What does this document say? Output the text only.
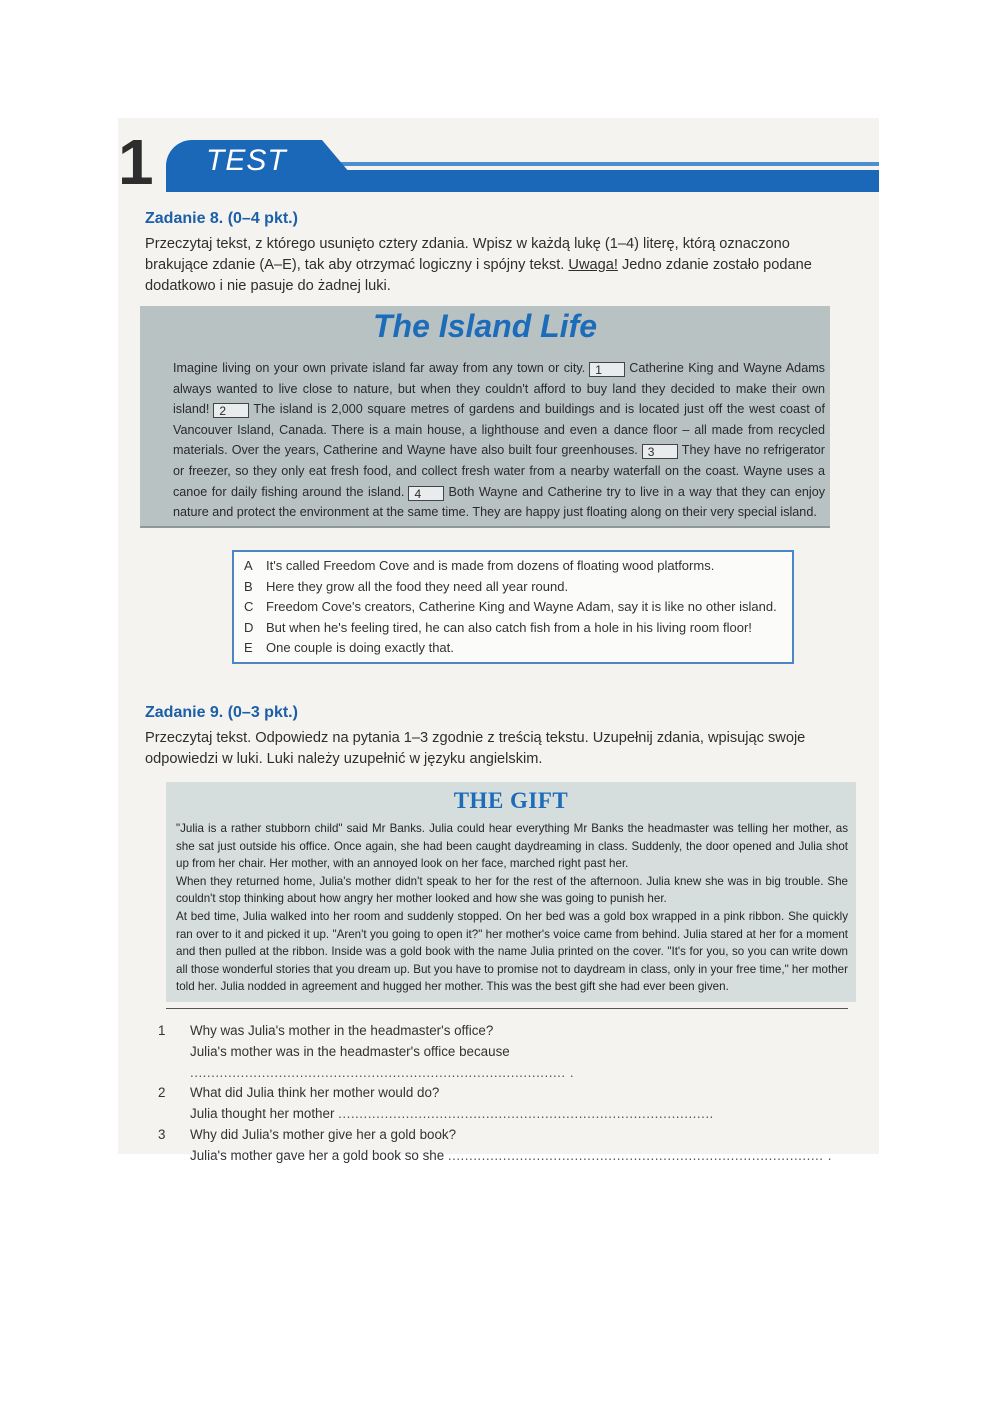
1 TEST
Zadanie 8. (0–4 pkt.)
Przeczytaj tekst, z którego usunięto cztery zdania. Wpisz w każdą lukę (1–4) literę, którą oznaczono brakujące zdanie (A–E), tak aby otrzymać logiczny i spójny tekst. Uwaga! Jedno zdanie zostało podane dodatkowo i nie pasuje do żadnej luki.
The Island Life
Imagine living on your own private island far away from any town or city. 1 Catherine King and Wayne Adams always wanted to live close to nature, but when they couldn't afford to buy land they decided to make their own island! 2 The island is 2,000 square metres of gardens and buildings and is located just off the west coast of Vancouver Island, Canada. There is a main house, a lighthouse and even a dance floor – all made from recycled materials. Over the years, Catherine and Wayne have also built four greenhouses. 3 They have no refrigerator or freezer, so they only eat fresh food, and collect fresh water from a nearby waterfall on the coast. Wayne uses a canoe for daily fishing around the island. 4 Both Wayne and Catherine try to live in a way that they can enjoy nature and protect the environment at the same time. They are happy just floating along on their very special island.
A	It's called Freedom Cove and is made from dozens of floating wood platforms.
B	Here they grow all the food they need all year round.
C Freedom Cove's creators, Catherine King and Wayne Adam, say it is like no other island.
D But when he's feeling tired, he can also catch fish from a hole in his living room floor!
E	One couple is doing exactly that.
Zadanie 9. (0–3 pkt.)
Przeczytaj tekst. Odpowiedz na pytania 1–3 zgodnie z treścią tekstu. Uzupełnij zdania, wpisując swoje odpowiedzi w luki. Luki należy uzupełnić w języku angielskim.
THE GIFT

"Julia is a rather stubborn child" said Mr Banks. Julia could hear everything Mr Banks the headmaster was telling her mother, as she sat just outside his office. Once again, she had been caught daydreaming in class. Suddenly, the door opened and Julia shot up from her chair. Her mother, with an annoyed look on her face, marched right past her.

When they returned home, Julia's mother didn't speak to her for the rest of the afternoon. Julia knew she was in big trouble. She couldn't stop thinking about how angry her mother looked and how she was going to punish her.

At bed time, Julia walked into her room and suddenly stopped. On her bed was a gold box wrapped in a pink ribbon. She quickly ran over to it and picked it up. "Aren't you going to open it?" her mother's voice came from behind. Julia stared at her for a moment and then pulled at the ribbon. Inside was a gold book with the name Julia printed on the cover. "It's for you, so you can write down all those wonderful stories that you dream up. But you have to promise not to daydream in class, only in your free time," her mother told her. Julia nodded in agreement and hugged her mother. This was the best gift she had ever been given.

1 Why was Julia's mother in the headmaster's office?
Julia's mother was in the headmaster's office because ......................................................................................... .
2 What did Julia think her mother would do?
Julia thought her mother .........................................................................................
3 Why did Julia's mother give her a gold book?
Julia's mother gave her a gold book so she ......................................................................................... .
